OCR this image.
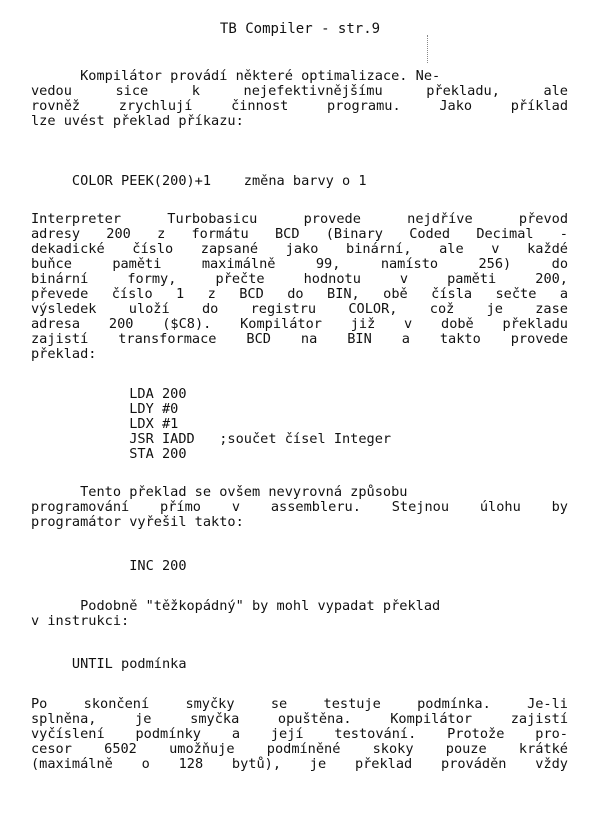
TB Compiler - str.9
Kompilátor provádí některé optimalizace. Ne-
vedou sice k nejefektivnějšímu překladu, ale
rovněž zrychlují činnost programu. Jako příklad
lze uvést překlad příkazu:
COLOR PEEK(200)+1    změna barvy o 1
Interpreter Turbobasicu provede nejdříve převod
adresy 200 z formátu BCD (Binary Coded Decimal -
dekadické číslo zapsané jako binární, ale v každé
buňce paměti maximálně 99, namísto 256) do
binární formy, přečte hodnotu v paměti 200,
převede číslo 1 z BCD do BIN, obě čísla sečte a
výsledek uloží do registru COLOR, což je zase
adresa 200 ($C8). Kompilátor již v době překladu
zajistí transformace BCD na BIN a takto provede
překlad:
LDA 200
LDY #0
LDX #1
JSR IADD   ;součet čísel Integer
STA 200
Tento překlad se ovšem nevyrovná způsobu
programování přímo v assembleru. Stejnou úlohu by
programátor vyřešil takto:
INC 200
Podobně "těžkopádný" by mohl vypadat překlad
v instrukci:
UNTIL podmínka
Po skončení smyčky se testuje podmínka. Je-li
splněna, je smyčka opuštěna. Kompilátor zajistí
vyčíslení podmínky a její testování. Protože pro-
cesor 6502 umožňuje podmíněné skoky pouze krátké
(maximálně o 128 bytů), je překlad prováděn vždy
